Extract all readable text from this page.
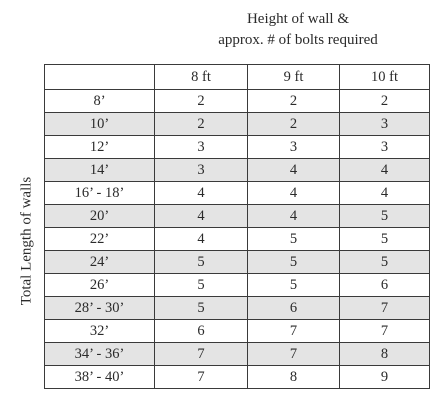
Height of wall &
approx. # of bolts required
Total Length of walls
	8 ft	9 ft	10 ft
8’	2	2	2
10’	2	2	3
12’	3	3	3
14’	3	4	4
16’ - 18’	4	4	4
20’	4	4	5
22’	4	5	5
24’	5	5	5
26’	5	5	6
28’ - 30’	5	6	7
32’	6	7	7
34’ - 36’	7	7	8
38’ - 40’	7	8	9
